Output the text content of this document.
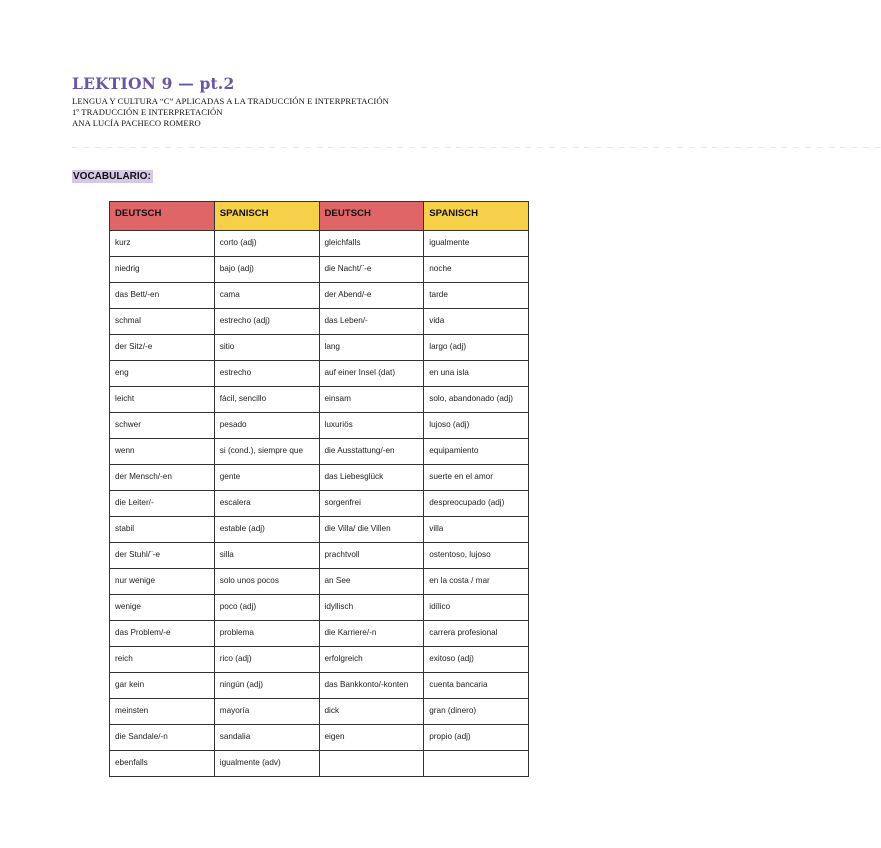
LEKTION 9 — pt.2
LENGUA Y CULTURA “C” APLICADAS A LA TRADUCCIÓN E INTERPRETACIÓN
1º TRADUCCIÓN E INTERPRETACIÓN
ANA LUCÍA PACHECO ROMERO
_ _ _ _ _ _ _ _ _ _ _ _ _ _ _ _ _ _ _ _ _ _ _ _ _ _ _ _ _ _ _ _ _ _ _ _ _ _ _ _ _ _ _ _ _ _ _ _ _ _ _ _ _ _ _ _ _ _ _ _ _ _ _ _ _ _ _ _ _ _
VOCABULARIO:
DEUTSCH	SPANISCH	DEUTSCH	SPANISCH
kurz	corto (adj)	gleichfalls	igualmente
niedrig	bajo (adj)	die Nacht/¨-e	noche
das Bett/-en	cama	der Abend/-e	tarde
schmal	estrecho (adj)	das Leben/-	vida
der Sitz/-e	sitio	lang	largo (adj)
eng	estrecho	auf einer Insel (dat)	en una isla
leicht	fácil, sencillo	einsam	solo, abandonado (adj)
schwer	pesado	luxuriös	lujoso (adj)
wenn	si (cond.), siempre que	die Ausstattung/-en	equipamiento
der Mensch/-en	gente	das Liebesglück	suerte en el amor
die Leiter/-	escalera	sorgenfrei	despreocupado (adj)
stabil	estable (adj)	die Villa/ die Villen	villa
der Stuhl/¨-e	silla	prachtvoll	ostentoso, lujoso
nur wenige	solo unos pocos	an See	en la costa / mar
wenige	poco (adj)	idyllisch	idílico
das Problem/-e	problema	die Karriere/-n	carrera profesional
reich	rico (adj)	erfolgreich	exitoso (adj)
gar kein	ningún (adj)	das Bankkonto/-konten	cuenta bancaria
meinsten	mayoría	dick	gran (dinero)
die Sandale/-n	sandalia	eigen	propio (adj)
ebenfalls	igualmente (adv)		
